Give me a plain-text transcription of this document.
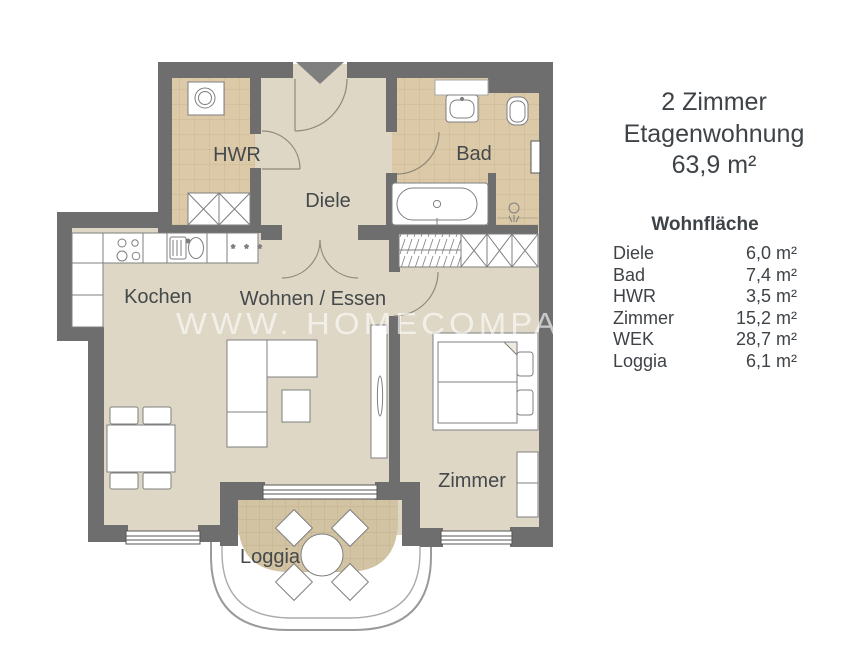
* * *
HWR
Diele
Bad
Kochen Wohnen / Essen
Zimmer
Loggia
WWW. HOMECOMPA
2 Zimmer
Etagenwohnung
63,9 m²
Wohnfläche
Diele	6,0 m²
Bad	7,4 m²
HWR	3,5 m²
Zimmer	15,2 m²
WEK	28,7 m²
Loggia	6,1 m²
